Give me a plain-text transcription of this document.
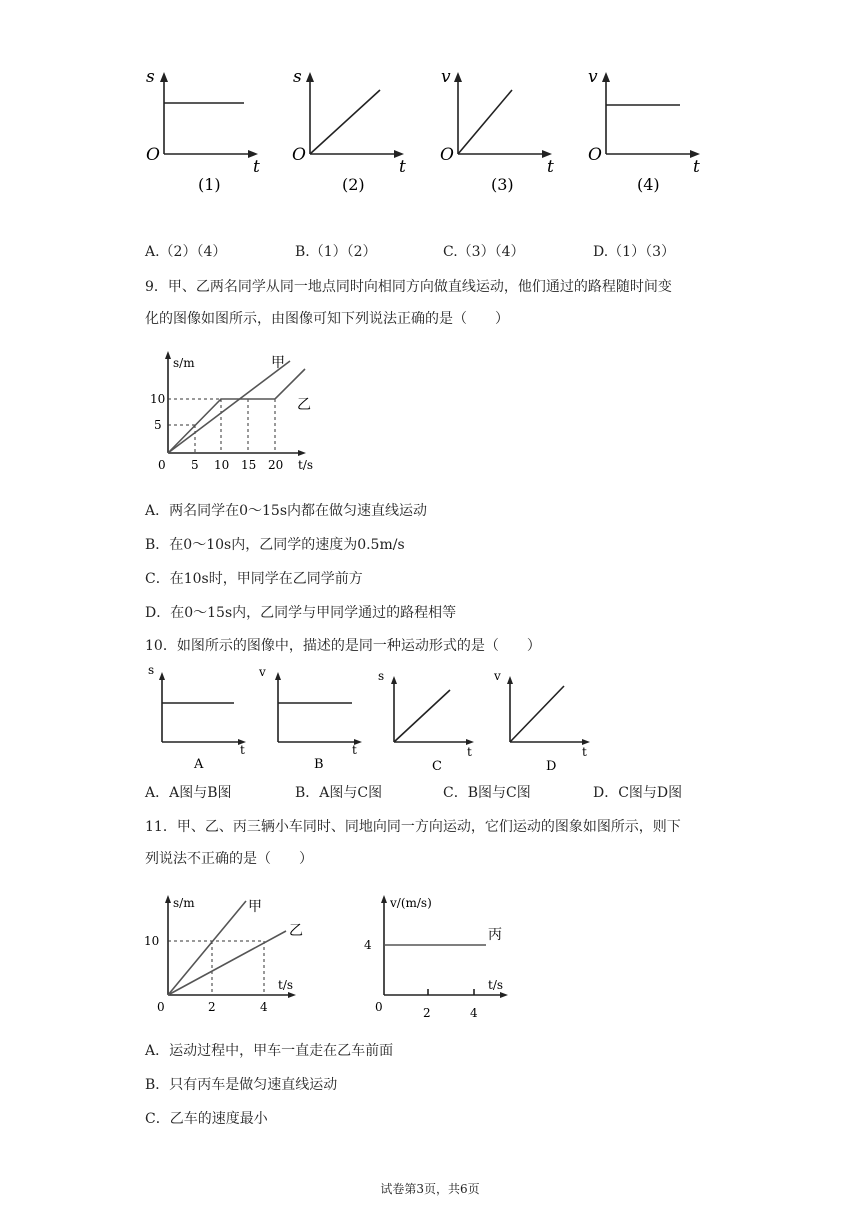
s
O
t
(1)
s
O
t
(2)
v
O
t
(3)
v
O
t
(4)
A.（2）（4）	B.（1）（2）	C.（3）（4）	D.（1）（3）
9．甲、乙两名同学从同一地点同时向相同方向做直线运动，他们通过的路程随时间变
化的图像如图所示，由图像可知下列说法正确的是（　　）
s/m
10
5
0 5 10 15 20 t/s
甲
乙
A．两名同学在0～15s内都在做匀速直线运动
B．在0～10s内，乙同学的速度为0.5m/s
C．在10s时，甲同学在乙同学前方
D．在0～15s内，乙同学与甲同学通过的路程相等
10．如图所示的图像中，描述的是同一种运动形式的是（　　）
s
t
A
v
t
B
s
t
C
v
t
D
A．A图与B图	B．A图与C图	C．B图与C图	D．C图与D图
11．甲、乙、丙三辆小车同时、同地向同一方向运动，它们运动的图象如图所示，则下
列说法不正确的是（　　）
s/m
10
0	2	4
t/s
甲
乙
v/(m/s)
4
0	2	4
t/s
丙
A．运动过程中，甲车一直走在乙车前面
B．只有丙车是做匀速直线运动
C．乙车的速度最小
试卷第3页，共6页
